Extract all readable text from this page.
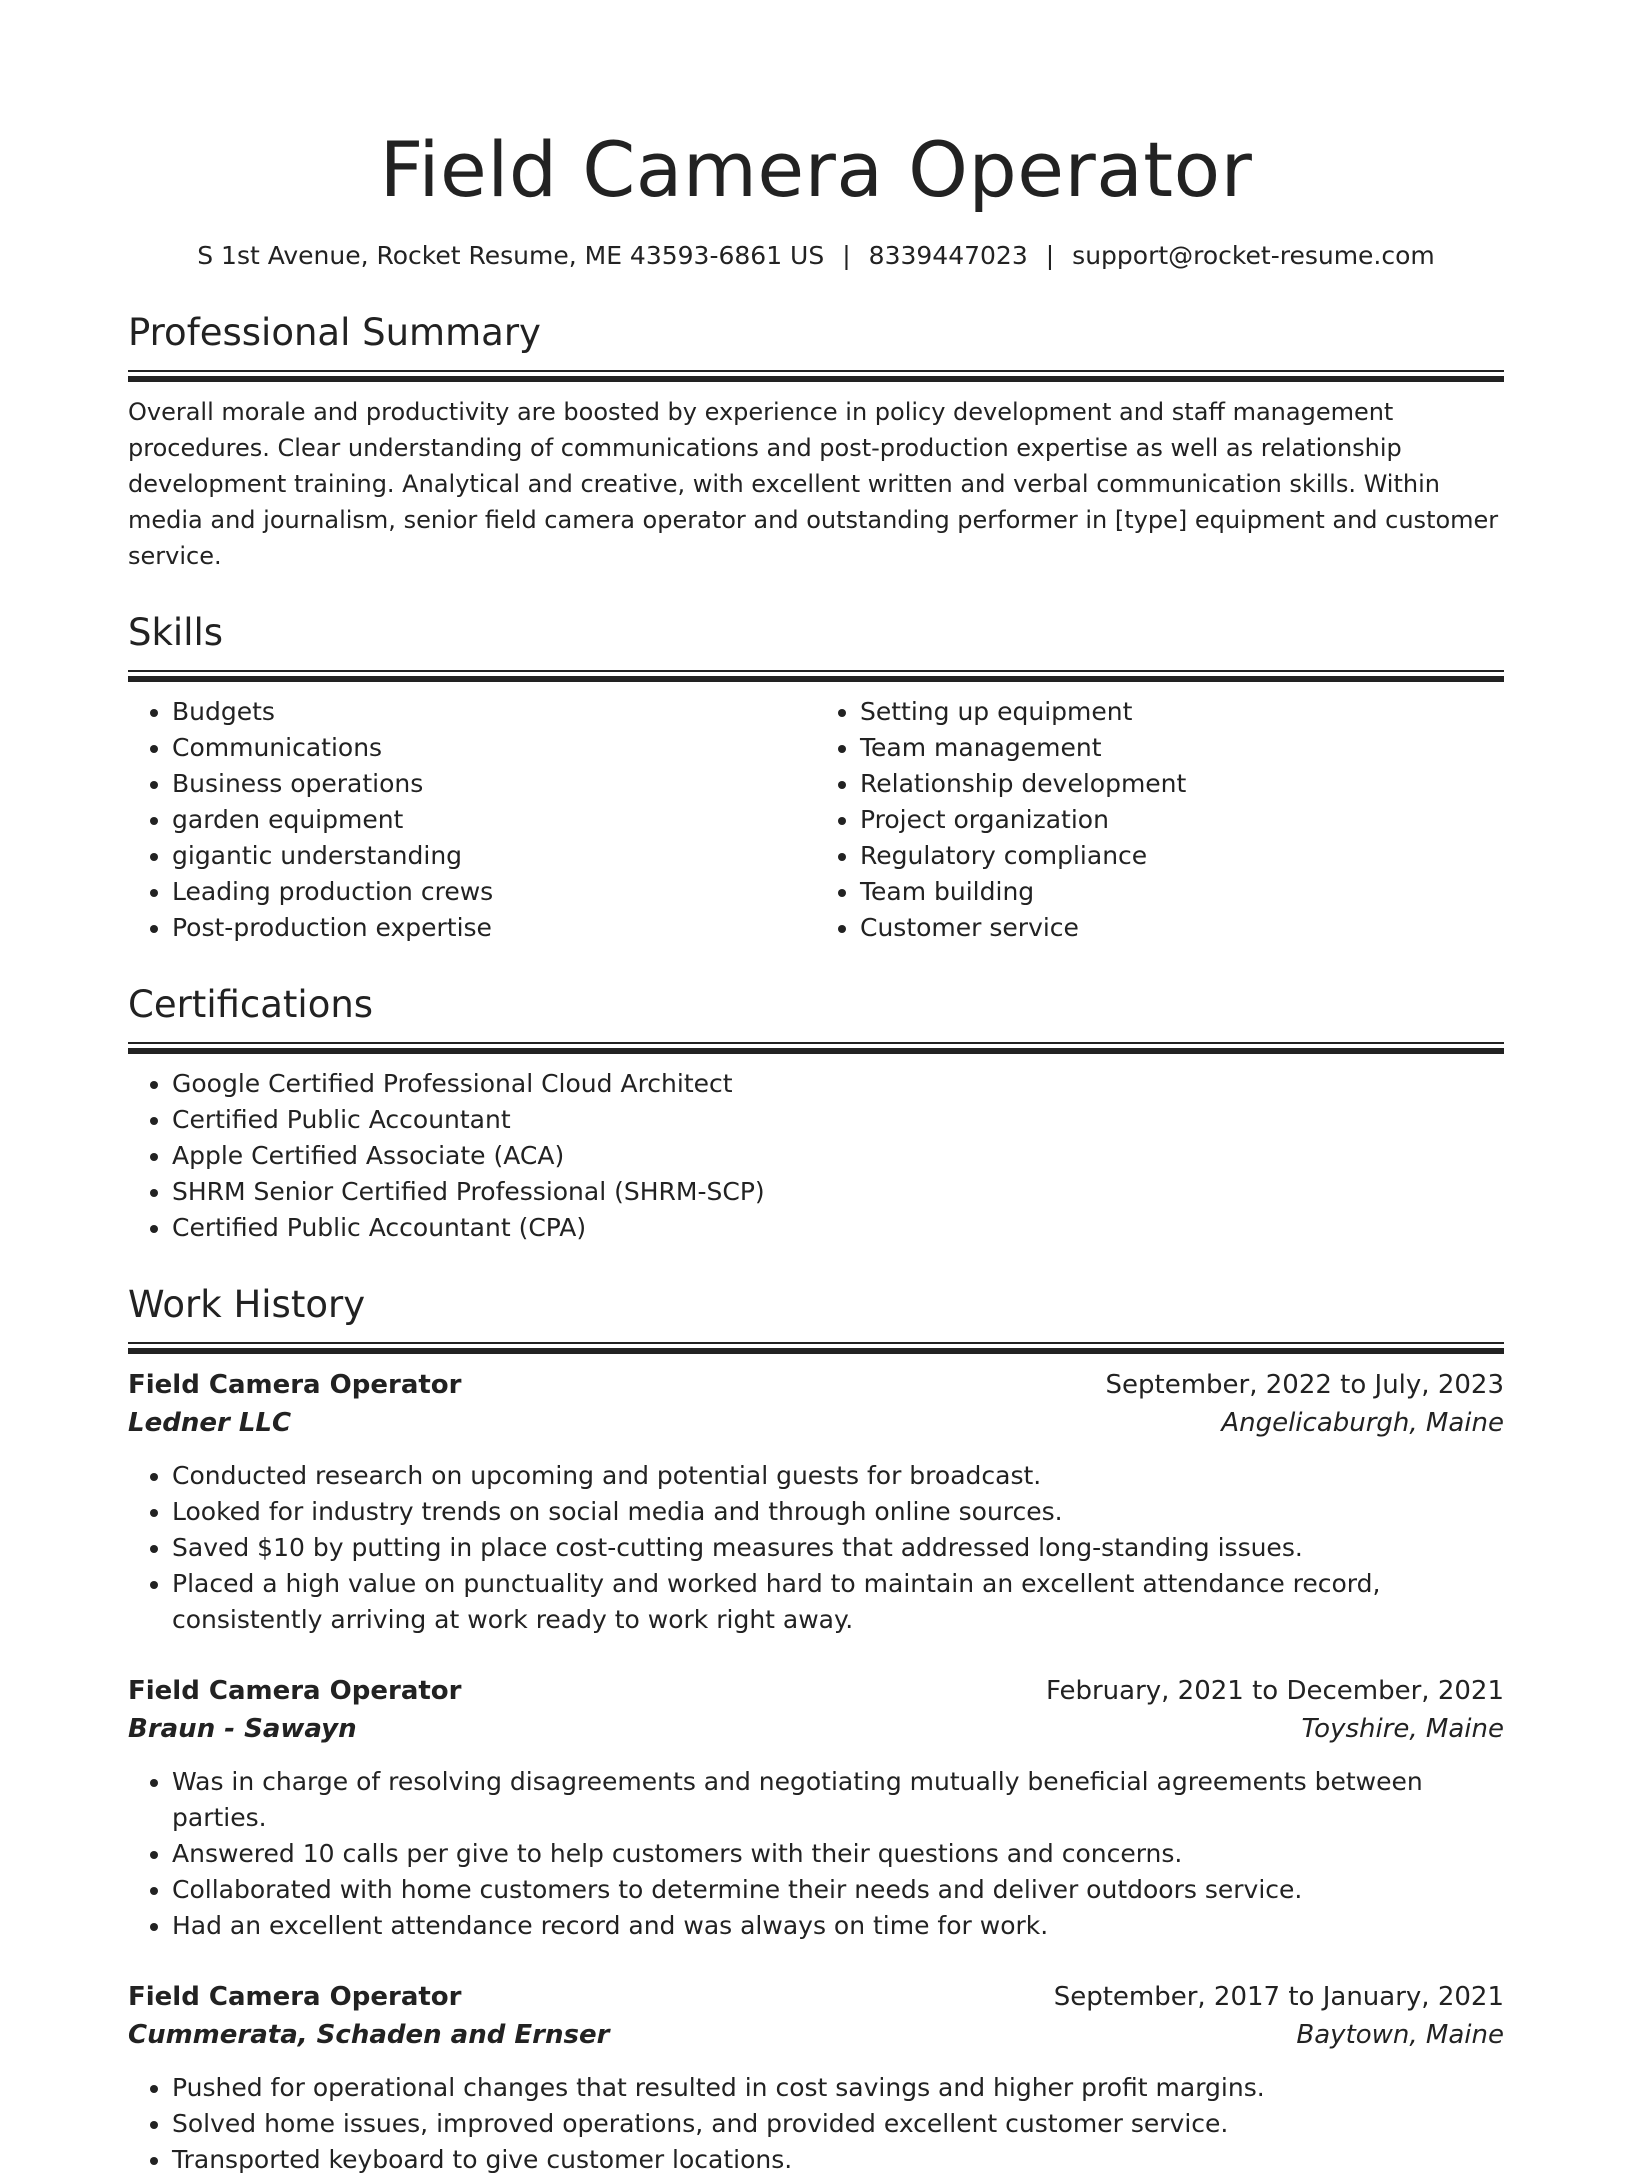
Field Camera Operator
S 1st Avenue, Rocket Resume, ME 43593-6861 US | 8339447023 | support@rocket-resume.com
Professional Summary

Overall morale and productivity are boosted by experience in policy development and staff management procedures. Clear understanding of communications and post-production expertise as well as relationship development training. Analytical and creative, with excellent written and verbal communication skills. Within media and journalism, senior field camera operator and outstanding performer in [type] equipment and customer service.

Skills
• Budgets
• Communications
• Business operations
• garden equipment
• gigantic understanding
• Leading production crews
• Post-production expertise
• Setting up equipment
• Team management
• Relationship development
• Project organization
• Regulatory compliance
• Team building
• Customer service
Certifications
• Google Certified Professional Cloud Architect
• Certified Public Accountant
• Apple Certified Associate (ACA)
• SHRM Senior Certified Professional (SHRM-SCP)
• Certified Public Accountant (CPA)
Work History
Field Camera Operator	September, 2022 to July, 2023
Ledner LLC	Angelicaburgh, Maine
• Conducted research on upcoming and potential guests for broadcast.
• Looked for industry trends on social media and through online sources.
• Saved $10 by putting in place cost-cutting measures that addressed long-standing issues.
• Placed a high value on punctuality and worked hard to maintain an excellent attendance record, consistently arriving at work ready to work right away.
Field Camera Operator	February, 2021 to December, 2021
Braun - Sawayn	Toyshire, Maine
• Was in charge of resolving disagreements and negotiating mutually beneficial agreements between parties.
• Answered 10 calls per give to help customers with their questions and concerns.
• Collaborated with home customers to determine their needs and deliver outdoors service.
• Had an excellent attendance record and was always on time for work.
Field Camera Operator	September, 2017 to January, 2021
Cummerata, Schaden and Ernser	Baytown, Maine
• Pushed for operational changes that resulted in cost savings and higher profit margins.
• Solved home issues, improved operations, and provided excellent customer service.
• Transported keyboard to give customer locations.
